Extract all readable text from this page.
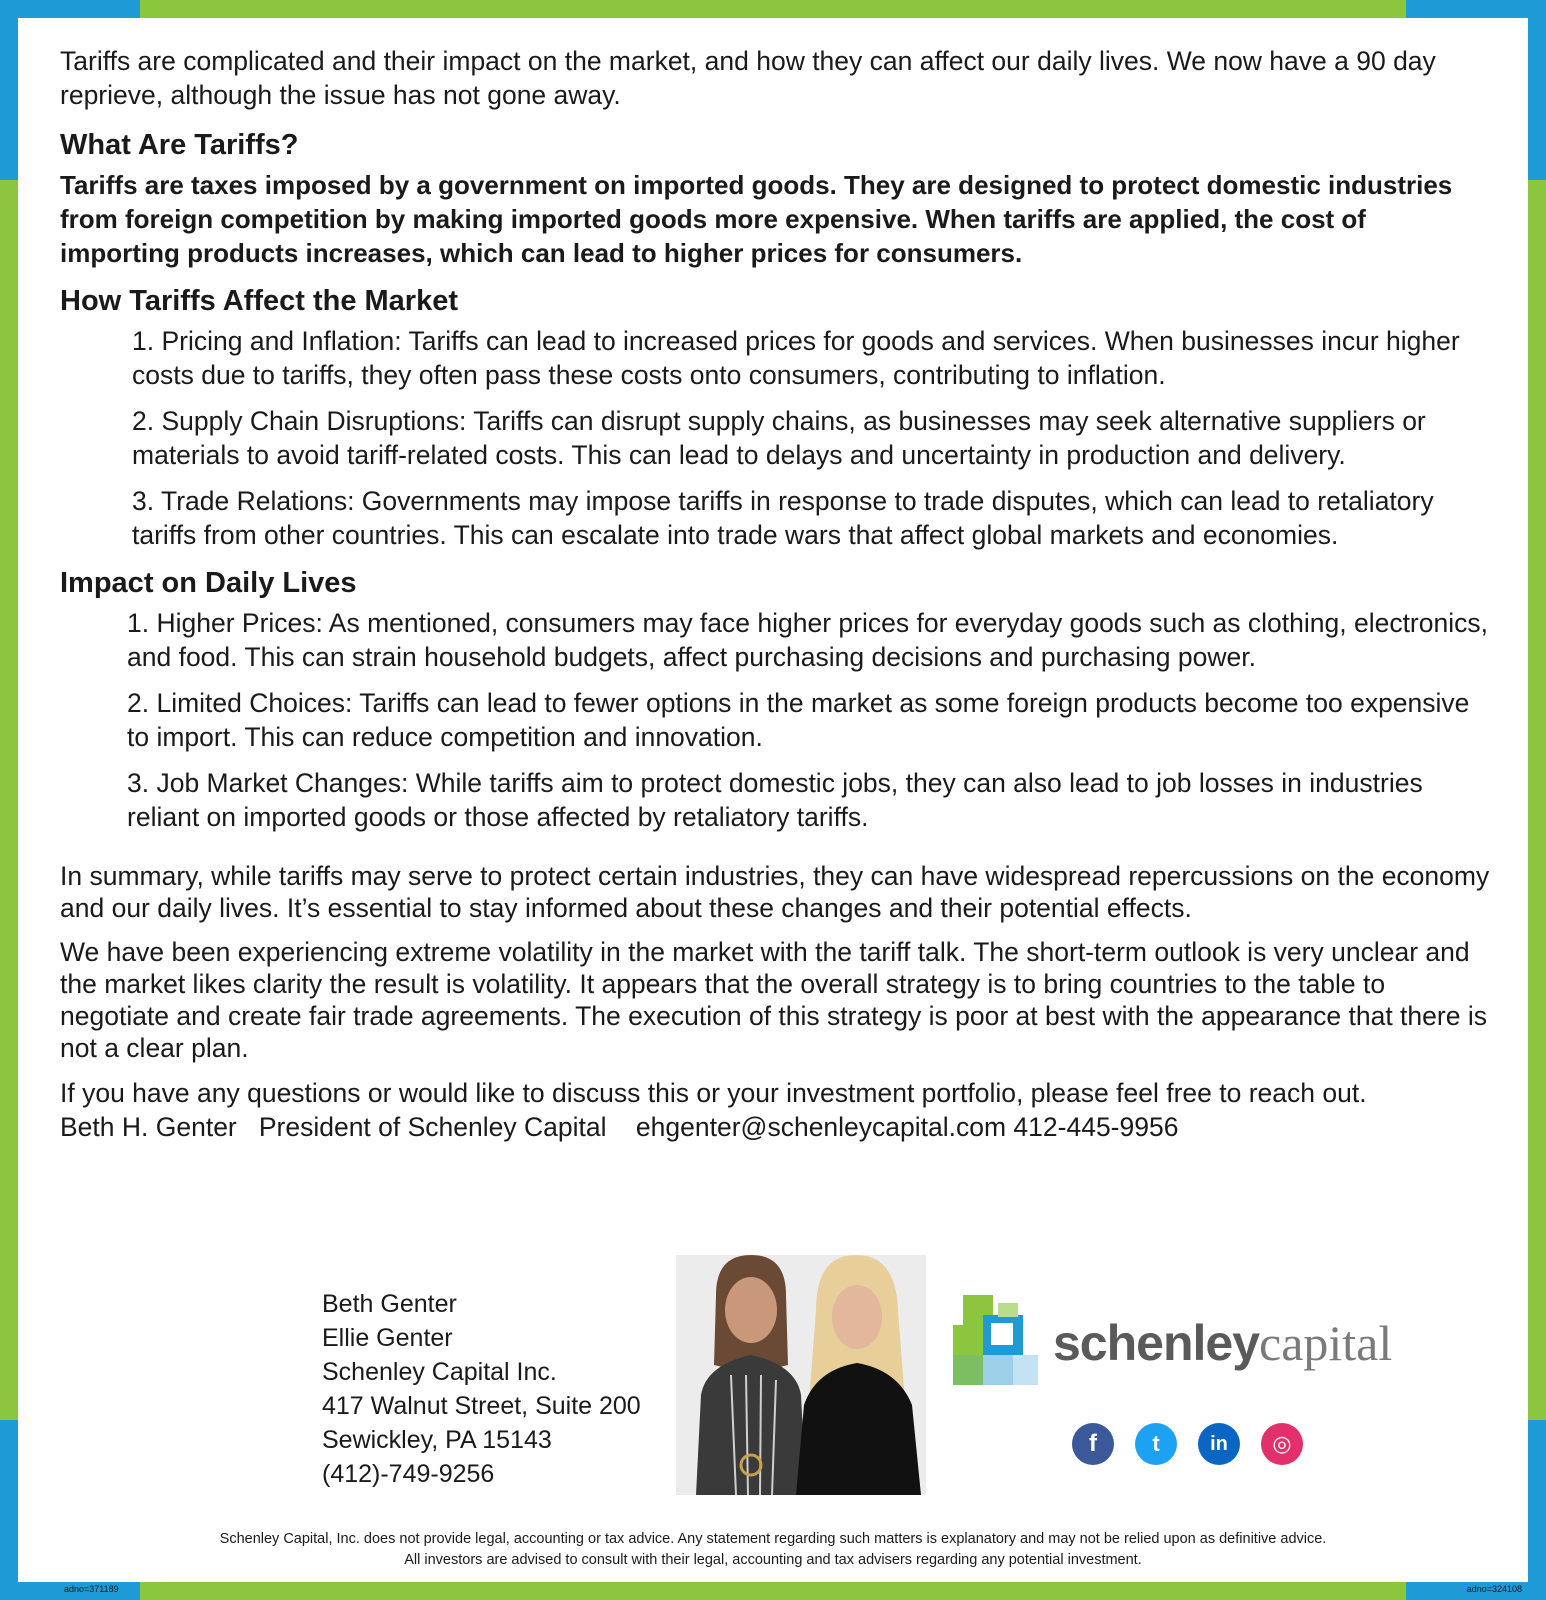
Tariffs are complicated and their impact on the market, and how they can affect our daily lives. We now have a 90 day reprieve, although the issue has not gone away.

What Are Tariffs?

Tariffs are taxes imposed by a government on imported goods. They are designed to protect domestic industries from foreign competition by making imported goods more expensive. When tariffs are applied, the cost of importing products increases, which can lead to higher prices for consumers.

How Tariffs Affect the Market

1. Pricing and Inflation: Tariffs can lead to increased prices for goods and services. When businesses incur higher costs due to tariffs, they often pass these costs onto consumers, contributing to inflation.

2. Supply Chain Disruptions: Tariffs can disrupt supply chains, as businesses may seek alternative suppliers or materials to avoid tariff-related costs. This can lead to delays and uncertainty in production and delivery.

3. Trade Relations: Governments may impose tariffs in response to trade disputes, which can lead to retaliatory tariffs from other countries. This can escalate into trade wars that affect global markets and economies.

Impact on Daily Lives

1. Higher Prices: As mentioned, consumers may face higher prices for everyday goods such as clothing, electronics, and food. This can strain household budgets, affect purchasing decisions and purchasing power.

2. Limited Choices: Tariffs can lead to fewer options in the market as some foreign products become too expensive to import. This can reduce competition and innovation.

3. Job Market Changes: While tariffs aim to protect domestic jobs, they can also lead to job losses in industries reliant on imported goods or those affected by retaliatory tariffs.

In summary, while tariffs may serve to protect certain industries, they can have widespread repercussions on the economy and our daily lives. It’s essential to stay informed about these changes and their potential effects.

We have been experiencing extreme volatility in the market with the tariff talk. The short-term outlook is very unclear and the market likes clarity the result is volatility. It appears that the overall strategy is to bring countries to the table to negotiate and create fair trade agreements. The execution of this strategy is poor at best with the appearance that there is not a clear plan.

If you have any questions or would like to discuss this or your investment portfolio, please feel free to reach out.

Beth H. Genter   President of Schenley Capital    ehgenter@schenleycapital.com 412-445-9956

Beth Genter
Ellie Genter
Schenley Capital Inc.
417 Walnut Street, Suite 200
Sewickley, PA 15143
(412)-749-9256
schenleycapital
f	t	in	◎
Schenley Capital, Inc. does not provide legal, accounting or tax advice. Any statement regarding such matters is explanatory and may not be relied upon as definitive advice.
All investors are advised to consult with their legal, accounting and tax advisers regarding any potential investment.
adno=371189	adno=324108
